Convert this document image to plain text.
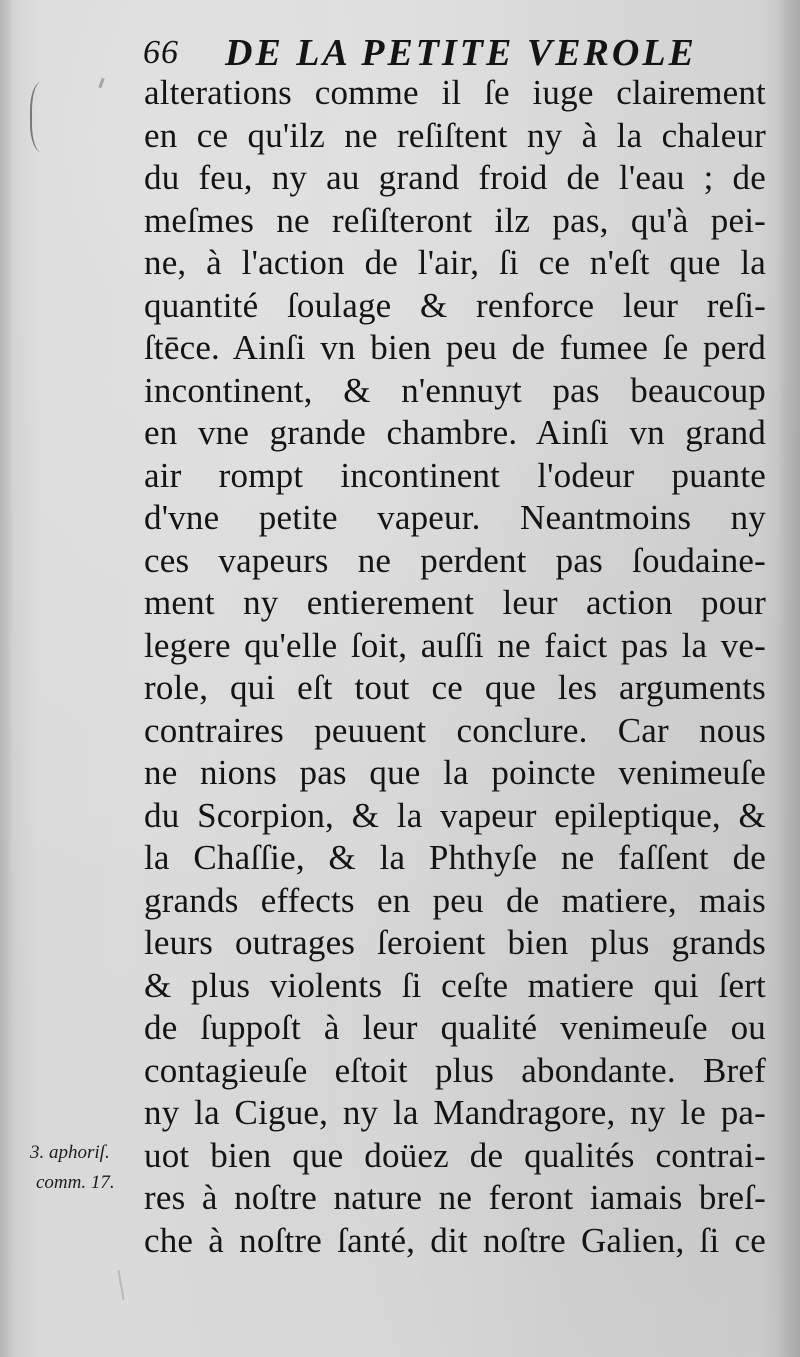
66 DE LA PETITE VEROLE
alterations comme il ſe iuge clairement
en ce qu'ilz ne reſiſtent ny à la chaleur
du feu, ny au grand froid de l'eau ; de
meſmes ne reſiſteront ilz pas, qu'à pei-
ne, à l'action de l'air, ſi ce n'eſt que la
quantité ſoulage & renforce leur reſi-
ſtēce. Ainſi vn bien peu de fumee ſe perd
incontinent, & n'ennuyt pas beaucoup
en vne grande chambre. Ainſi vn grand
air rompt incontinent l'odeur puante
d'vne petite vapeur. Neantmoins ny
ces vapeurs ne perdent pas ſoudaine-
ment ny entierement leur action pour
legere qu'elle ſoit, auſſi ne faict pas la ve-
role, qui eſt tout ce que les arguments
contraires peuuent conclure. Car nous
ne nions pas que la poincte venimeuſe
du Scorpion, & la vapeur epileptique, &
la Chaſſie, & la Phthyſe ne faſſent de
grands effects en peu de matiere, mais
leurs outrages ſeroient bien plus grands
& plus violents ſi ceſte matiere qui ſert
de ſuppoſt à leur qualité venimeuſe ou
contagieuſe eſtoit plus abondante. Bref
ny la Cigue, ny la Mandragore, ny le pa-
uot bien que doüez de qualités contrai-
res à noſtre nature ne feront iamais breſ-
che à noſtre ſanté, dit noſtre Galien, ſi ce
3. aphoriſ.
comm. 17.
